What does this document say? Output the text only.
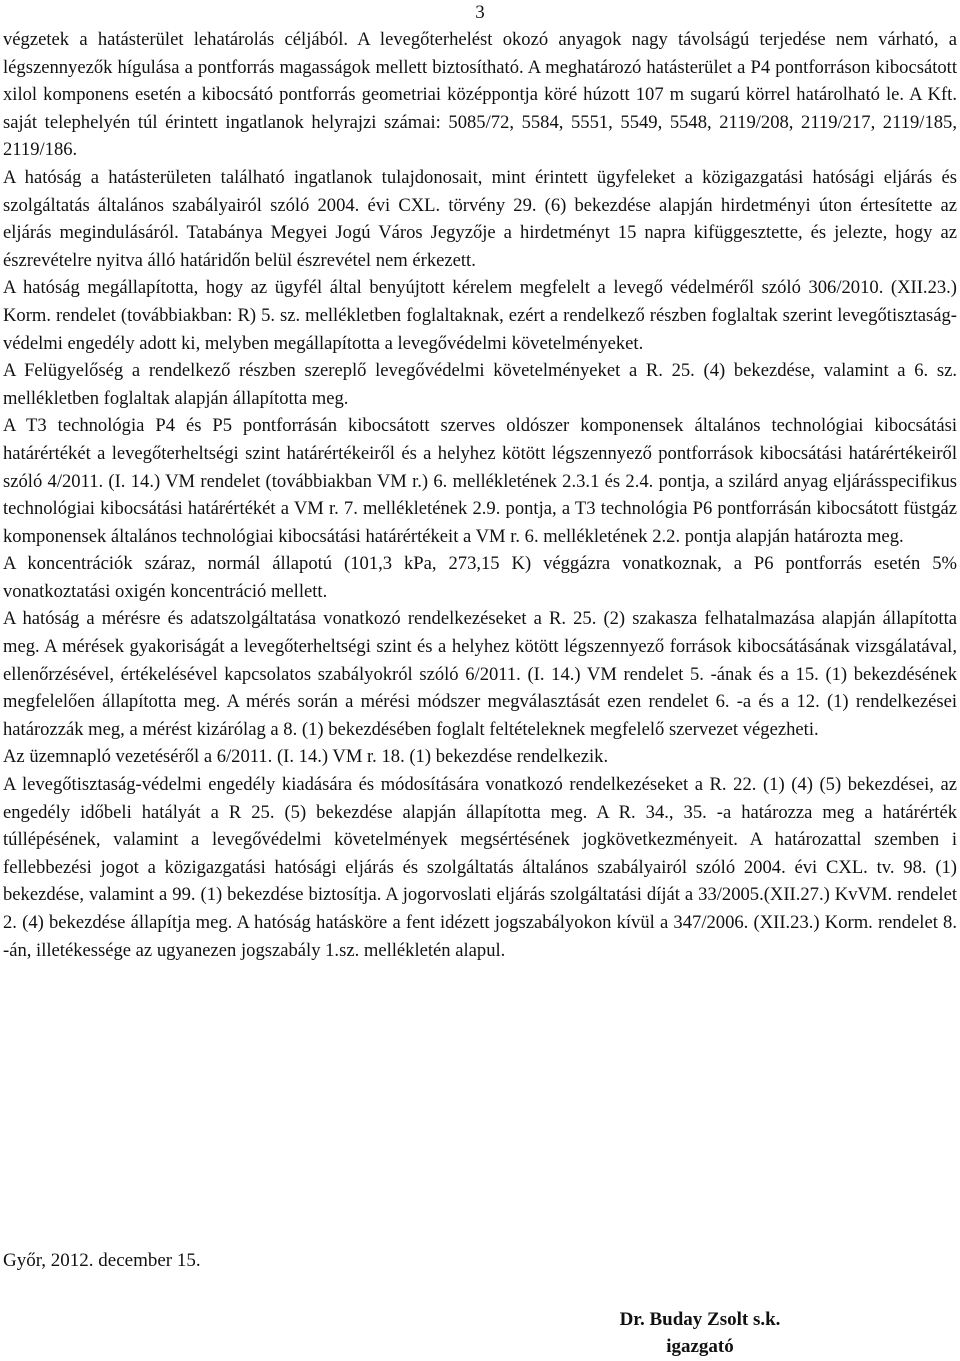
3

végzetek a hatásterület lehatárolás céljából. A levegőterhelést okozó anyagok nagy távolságú terjedése nem várható, a légszennyezők hígulása a pontforrás magasságok mellett biztosítható. A meghatározó hatásterület a P4 pontforráson kibocsátott xilol komponens esetén a kibocsátó pontforrás geometriai középpontja köré húzott 107 m sugarú körrel határolható le. A Kft. saját telephelyén túl érintett ingatlanok helyrajzi számai: 5085/72, 5584, 5551, 5549, 5548, 2119/208, 2119/217, 2119/185, 2119/186.

A hatóság a hatásterületen található ingatlanok tulajdonosait, mint érintett ügyfeleket a közigazgatási hatósági eljárás és szolgáltatás általános szabályairól szóló 2004. évi CXL. törvény 29. (6) bekezdése alapján hirdetményi úton értesítette az eljárás megindulásáról. Tatabánya Megyei Jogú Város Jegyzője a hirdetményt 15 napra kifüggesztette, és jelezte, hogy az észrevételre nyitva álló határidőn belül észrevétel nem érkezett.

A hatóság megállapította, hogy az ügyfél által benyújtott kérelem megfelelt a levegő védelméről szóló 306/2010. (XII.23.) Korm. rendelet (továbbiakban: R) 5. sz. mellékletben foglaltaknak, ezért a rendelkező részben foglaltak szerint levegőtisztaság-védelmi engedély adott ki, melyben megállapította a levegővédelmi követelményeket.

A Felügyelőség a rendelkező részben szereplő levegővédelmi követelményeket a R. 25. (4) bekezdése, valamint a 6. sz. mellékletben foglaltak alapján állapította meg.

A T3 technológia P4 és P5 pontforrásán kibocsátott szerves oldószer komponensek általános technológiai kibocsátási határértékét a levegőterheltségi szint határértékeiről és a helyhez kötött légszennyező pontforrások kibocsátási határértékeiről szóló 4/2011. (I. 14.) VM rendelet (továbbiakban VM r.) 6. mellékletének 2.3.1 és 2.4. pontja, a szilárd anyag eljárásspecifikus technológiai kibocsátási határértékét a VM r. 7. mellékletének 2.9. pontja, a T3 technológia P6 pontforrásán kibocsátott füstgáz komponensek általános technológiai kibocsátási határértékeit a VM r. 6. mellékletének 2.2. pontja alapján határozta meg.

A koncentrációk száraz, normál állapotú (101,3 kPa, 273,15 K) véggázra vonatkoznak, a P6 pontforrás esetén 5% vonatkoztatási oxigén koncentráció mellett.

A hatóság a mérésre és adatszolgáltatása vonatkozó rendelkezéseket a R. 25. (2) szakasza felhatalmazása alapján állapította meg. A mérések gyakoriságát a levegőterheltségi szint és a helyhez kötött légszennyező források kibocsátásának vizsgálatával, ellenőrzésével, értékelésével kapcsolatos szabályokról szóló 6/2011. (I. 14.) VM rendelet 5. -ának és a 15. (1) bekezdésének megfelelően állapította meg. A mérés során a mérési módszer megválasztását ezen rendelet 6. -a és a 12. (1) rendelkezései határozzák meg, a mérést kizárólag a 8. (1) bekezdésében foglalt feltételeknek megfelelő szervezet végezheti.

Az üzemnapló vezetéséről a 6/2011. (I. 14.) VM r. 18. (1) bekezdése rendelkezik.

A levegőtisztaság-védelmi engedély kiadására és módosítására vonatkozó rendelkezéseket a R. 22. (1) (4) (5) bekezdései, az engedély időbeli hatályát a R 25. (5) bekezdése alapján állapította meg. A R. 34., 35. -a határozza meg a határérték túllépésének, valamint a levegővédelmi követelmények megsértésének jogkövetkezményeit. A határozattal szemben i fellebbezési jogot a közigazgatási hatósági eljárás és szolgáltatás általános szabályairól szóló 2004. évi CXL. tv. 98. (1) bekezdése, valamint a 99. (1) bekezdése biztosítja. A jogorvoslati eljárás szolgáltatási díját a 33/2005.(XII.27.) KvVM. rendelet 2. (4) bekezdése állapítja meg. A hatóság hatásköre a fent idézett jogszabályokon kívül a 347/2006. (XII.23.) Korm. rendelet 8. -án, illetékessége az ugyanezen jogszabály 1.sz. mellékletén alapul.

Győr, 2012. december 15.
Dr. Buday Zsolt s.k.
igazgató
